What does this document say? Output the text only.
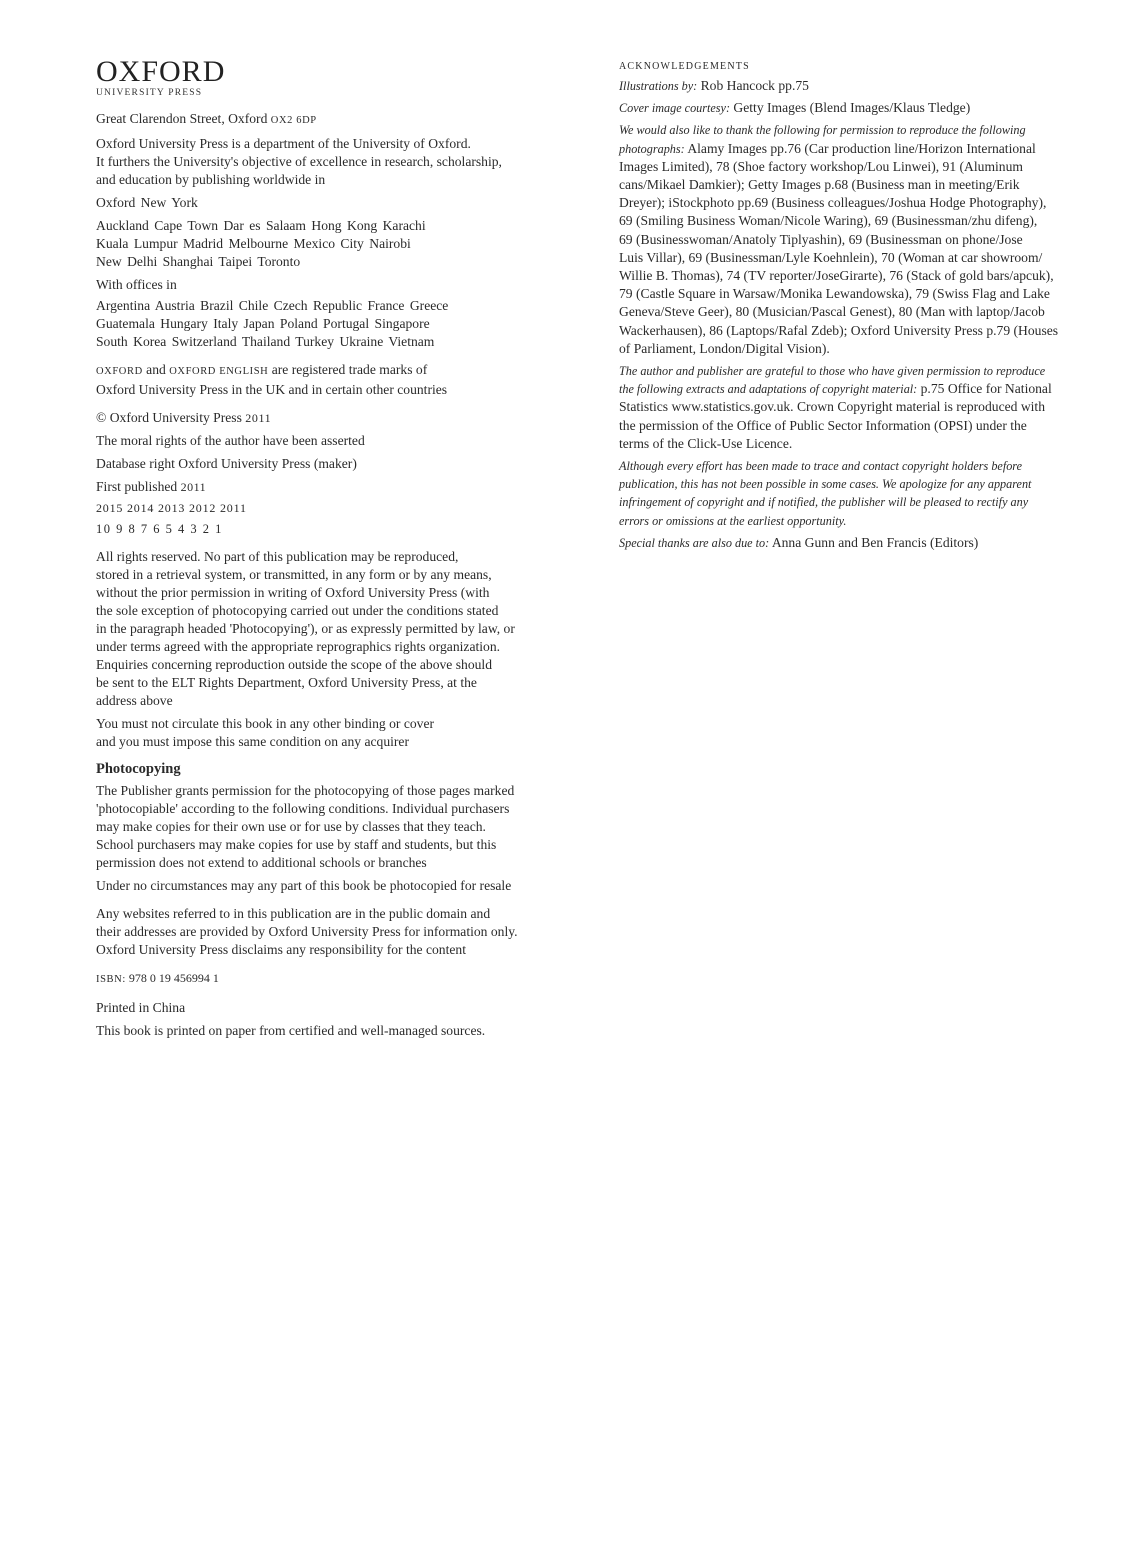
OXFORD
UNIVERSITY PRESS
Great Clarendon Street, Oxford OX2 6DP
Oxford University Press is a department of the University of Oxford.
It furthers the University's objective of excellence in research, scholarship,
and education by publishing worldwide in
Oxford New York
Auckland Cape Town Dar es Salaam Hong Kong Karachi
Kuala Lumpur Madrid Melbourne Mexico City Nairobi
New Delhi Shanghai Taipei Toronto
With offices in
Argentina Austria Brazil Chile Czech Republic France Greece
Guatemala Hungary Italy Japan Poland Portugal Singapore
South Korea Switzerland Thailand Turkey Ukraine Vietnam
OXFORD and OXFORD ENGLISH are registered trade marks of
Oxford University Press in the UK and in certain other countries
© Oxford University Press 2011
The moral rights of the author have been asserted
Database right Oxford University Press (maker)
First published 2011
2015 2014 2013 2012 2011
10 9 8 7 6 5 4 3 2 1
All rights reserved. No part of this publication may be reproduced,
stored in a retrieval system, or transmitted, in any form or by any means,
without the prior permission in writing of Oxford University Press (with
the sole exception of photocopying carried out under the conditions stated
in the paragraph headed 'Photocopying'), or as expressly permitted by law, or
under terms agreed with the appropriate reprographics rights organization.
Enquiries concerning reproduction outside the scope of the above should
be sent to the ELT Rights Department, Oxford University Press, at the
address above
You must not circulate this book in any other binding or cover
and you must impose this same condition on any acquirer
Photocopying
The Publisher grants permission for the photocopying of those pages marked
'photocopiable' according to the following conditions. Individual purchasers
may make copies for their own use or for use by classes that they teach.
School purchasers may make copies for use by staff and students, but this
permission does not extend to additional schools or branches
Under no circumstances may any part of this book be photocopied for resale
Any websites referred to in this publication are in the public domain and
their addresses are provided by Oxford University Press for information only.
Oxford University Press disclaims any responsibility for the content
ISBN: 978 0 19 456994 1
Printed in China
This book is printed on paper from certified and well-managed sources.
ACKNOWLEDGEMENTS
Illustrations by: Rob Hancock pp.75
Cover image courtesy: Getty Images (Blend Images/Klaus Tledge)
We would also like to thank the following for permission to reproduce the following
photographs: Alamy Images pp.76 (Car production line/Horizon International
Images Limited), 78 (Shoe factory workshop/Lou Linwei), 91 (Aluminum
cans/Mikael Damkier); Getty Images p.68 (Business man in meeting/Erik
Dreyer); iStockphoto pp.69 (Business colleagues/Joshua Hodge Photography),
69 (Smiling Business Woman/Nicole Waring), 69 (Businessman/zhu difeng),
69 (Businesswoman/Anatoly Tiplyashin), 69 (Businessman on phone/Jose
Luis Villar), 69 (Businessman/Lyle Koehnlein), 70 (Woman at car showroom/
Willie B. Thomas), 74 (TV reporter/JoseGirarte), 76 (Stack of gold bars/apcuk),
79 (Castle Square in Warsaw/Monika Lewandowska), 79 (Swiss Flag and Lake
Geneva/Steve Geer), 80 (Musician/Pascal Genest), 80 (Man with laptop/Jacob
Wackerhausen), 86 (Laptops/Rafal Zdeb); Oxford University Press p.79 (Houses
of Parliament, London/Digital Vision).
The author and publisher are grateful to those who have given permission to reproduce
the following extracts and adaptations of copyright material: p.75 Office for National
Statistics www.statistics.gov.uk. Crown Copyright material is reproduced with
the permission of the Office of Public Sector Information (OPSI) under the
terms of the Click-Use Licence.
Although every effort has been made to trace and contact copyright holders before
publication, this has not been possible in some cases. We apologize for any apparent
infringement of copyright and if notified, the publisher will be pleased to rectify any
errors or omissions at the earliest opportunity.
Special thanks are also due to: Anna Gunn and Ben Francis (Editors)
